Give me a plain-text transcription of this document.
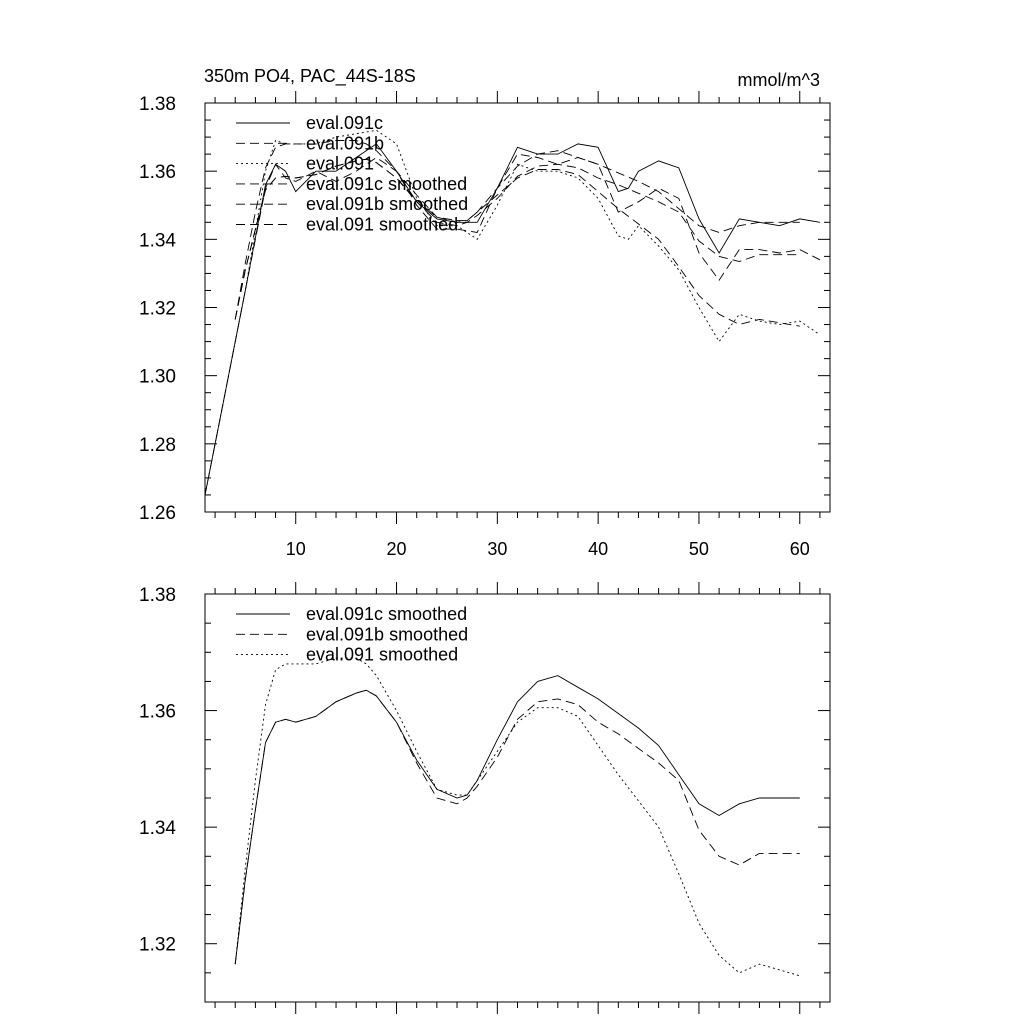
350m PO4, PAC_44S-18S	mmol/m^3
10	20	30	40	50	60
1.26
1.28
1.30
1.32
1.34
1.36
1.38
eval.091c
eval.091b
eval.091
eval.091c smoothed
eval.091b smoothed
eval.091 smoothed
1.32
1.34
1.36
1.38
eval.091c smoothed
eval.091b smoothed
eval.091 smoothed
